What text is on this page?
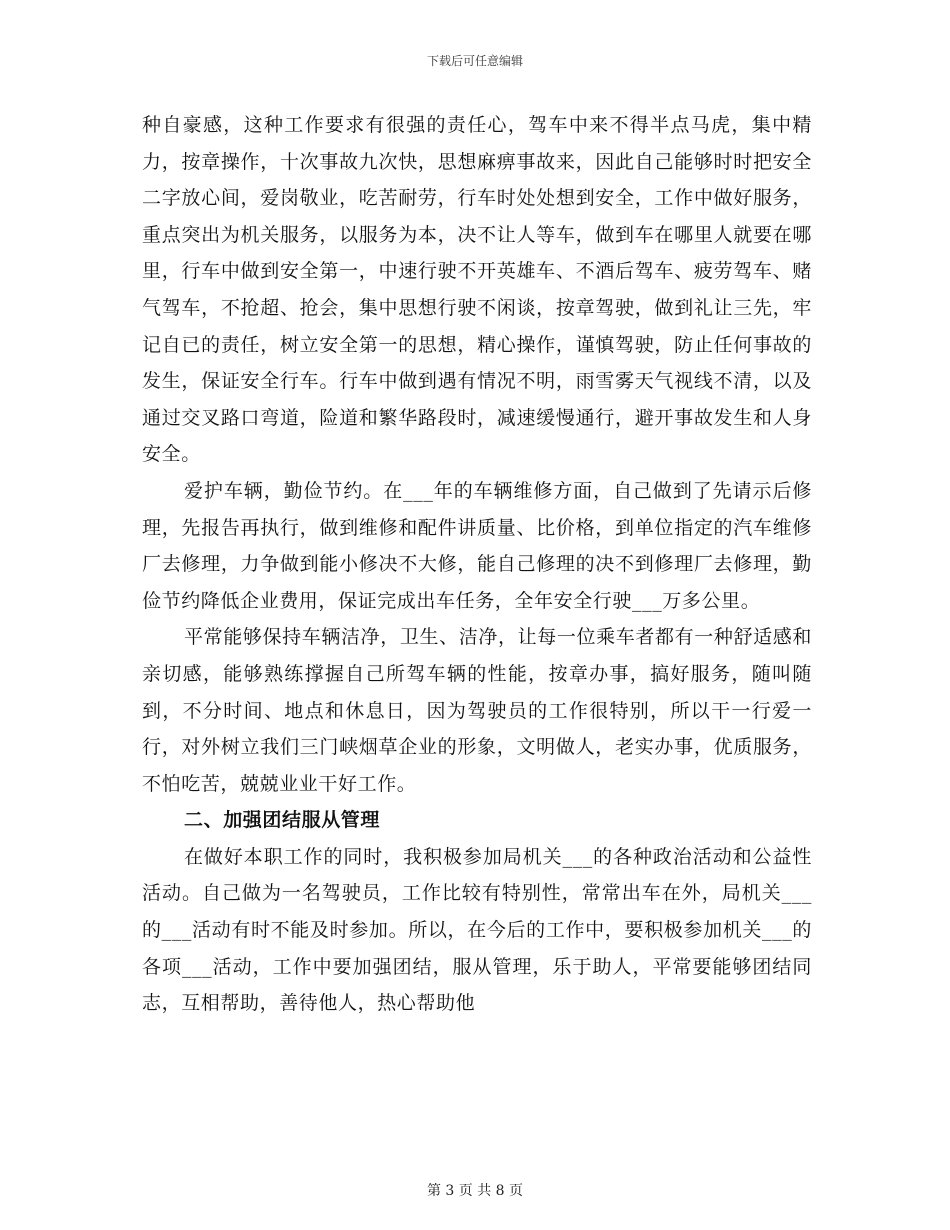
下载后可任意编辑

种自豪感，这种工作要求有很强的责任心，驾车中来不得半点马虎，集中精力，按章操作，十次事故九次快，思想麻痹事故来，因此自己能够时时把安全二字放心间，爱岗敬业，吃苦耐劳，行车时处处想到安全，工作中做好服务，重点突出为机关服务，以服务为本，决不让人等车，做到车在哪里人就要在哪里，行车中做到安全第一，中速行驶不开英雄车、不酒后驾车、疲劳驾车、赌气驾车，不抢超、抢会，集中思想行驶不闲谈，按章驾驶，做到礼让三先，牢记自已的责任，树立安全第一的思想，精心操作，谨慎驾驶，防止任何事故的发生，保证安全行车。行车中做到遇有情况不明，雨雪雾天气视线不清，以及通过交叉路口弯道，险道和繁华路段时，减速缓慢通行，避开事故发生和人身安全。

爱护车辆，勤俭节约。在___年的车辆维修方面，自己做到了先请示后修理，先报告再执行，做到维修和配件讲质量、比价格，到单位指定的汽车维修厂去修理，力争做到能小修决不大修，能自己修理的决不到修理厂去修理，勤俭节约降低企业费用，保证完成出车任务，全年安全行驶___万多公里。

平常能够保持车辆洁净，卫生、洁净，让每一位乘车者都有一种舒适感和亲切感，能够熟练撑握自己所驾车辆的性能，按章办事，搞好服务，随叫随到，不分时间、地点和休息日，因为驾驶员的工作很特别，所以干一行爱一行，对外树立我们三门峡烟草企业的形象，文明做人，老实办事，优质服务，不怕吃苦，兢兢业业干好工作。

二、加强团结服从管理

在做好本职工作的同时，我积极参加局机关___的各种政治活动和公益性活动。自己做为一名驾驶员，工作比较有特别性，常常出车在外，局机关___的___活动有时不能及时参加。所以，在今后的工作中，要积极参加机关___的各项___活动，工作中要加强团结，服从管理，乐于助人，平常要能够团结同志，互相帮助，善待他人，热心帮助他

第 3 页 共 8 页
